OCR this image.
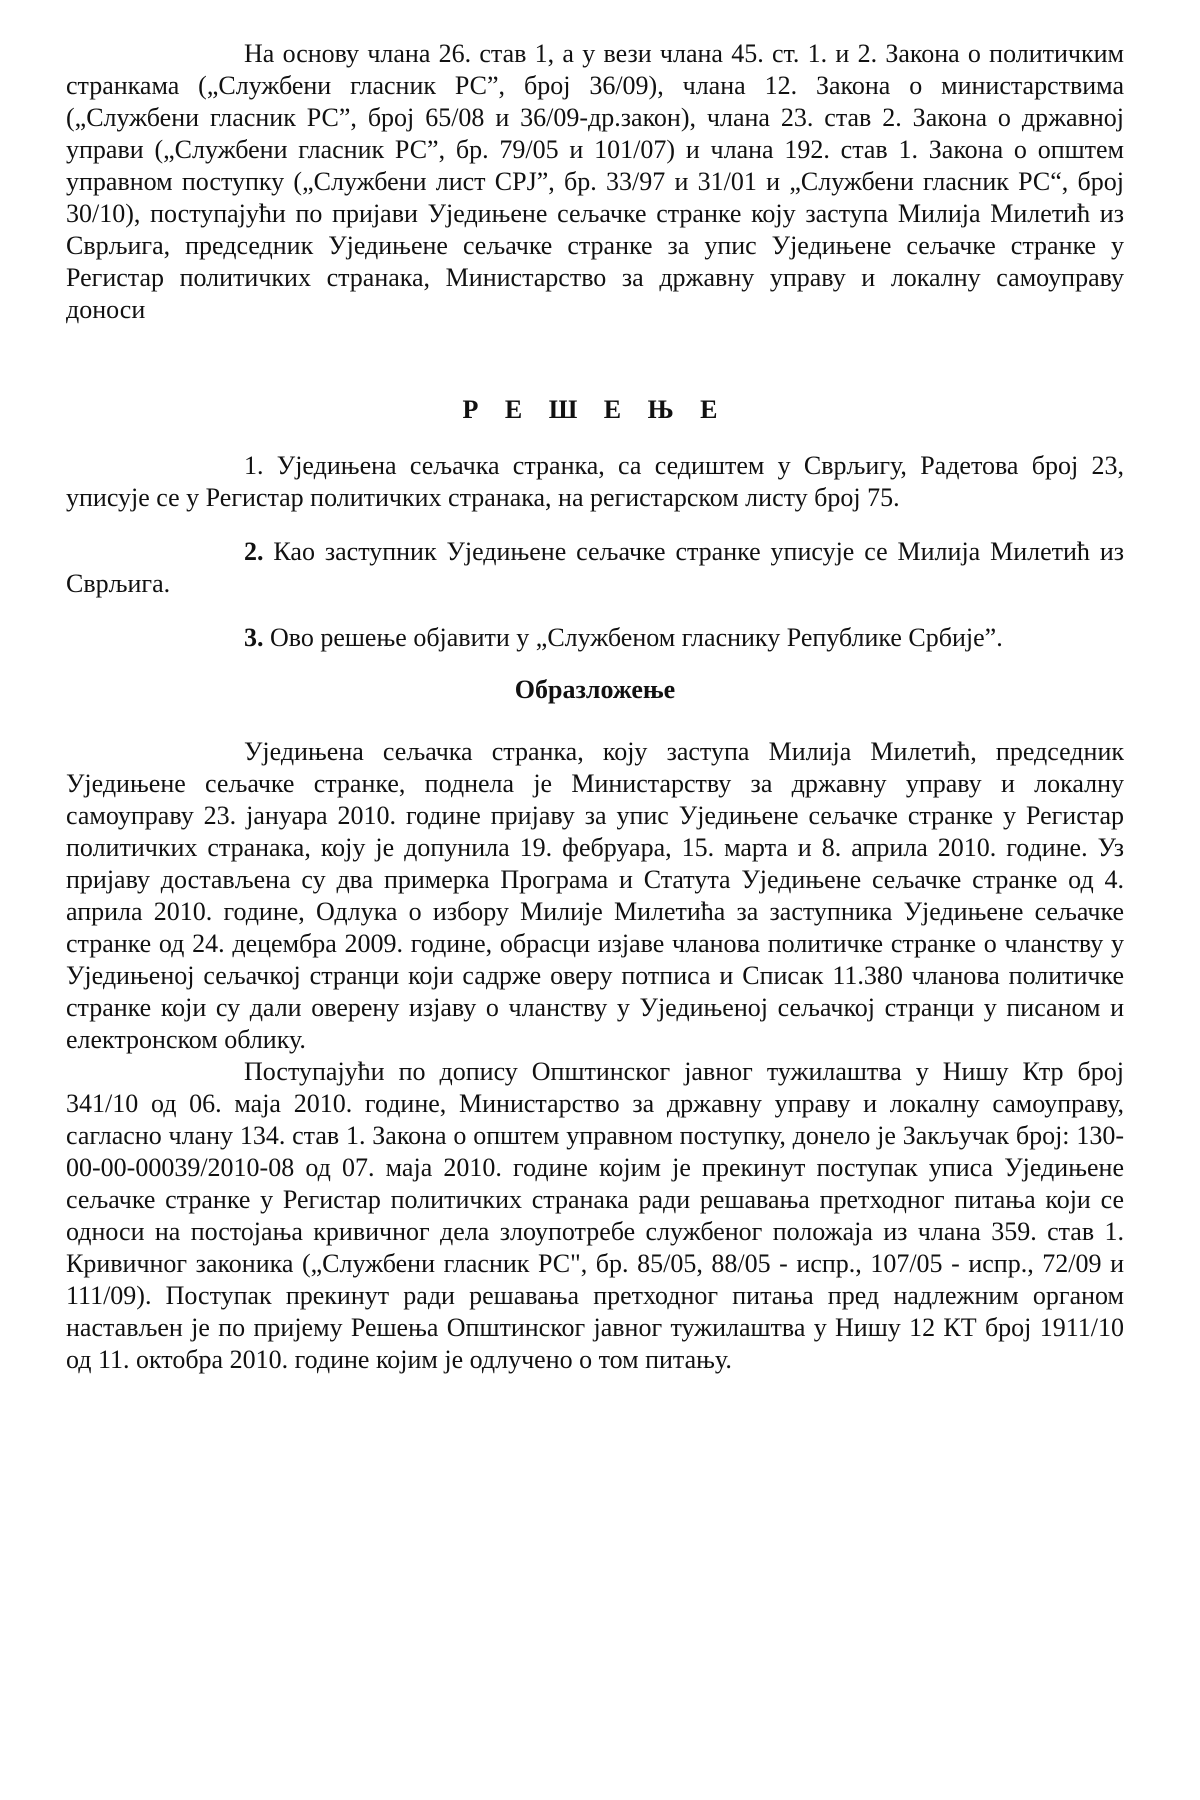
На основу члана 26. став 1, а у вези члана 45. ст. 1. и 2. Закона о политичким странкама („Службени гласник РС”, број 36/09), члана 12. Закона о министарствима („Службени гласник РС”, број 65/08 и 36/09-др.закон), члана 23. став 2. Закона о државној управи („Службени гласник РС”, бр. 79/05 и 101/07) и члана 192. став 1. Закона о општем управном поступку („Службени лист СРЈ”, бр. 33/97 и 31/01 и „Службени гласник РС“, број 30/10), поступајући по пријави Уједињене сељачке странке коју заступа Милија Милетић из Сврљига, председник Уједињене сељачке странке за упис Уједињене сељачке странке у Регистар политичких странака, Министарство за државну управу и локалну самоуправу доноси

Р Е Ш Е Њ Е

1. Уједињена сељачка странка, са седиштем у Сврљигу, Радетова број 23, уписује се у Регистар политичких странака, на регистарском листу број 75.

2. Као заступник Уједињене сељачке странке уписује се Милија Милетић из Сврљига.

3. Ово решење објавити у „Службеном гласнику Републике Србије”.

Образложење

Уједињена сељачка странка, коју заступа Милија Милетић, председник Уједињене сељачке странке, поднела је Министарству за државну управу и локалну самоуправу 23. јануара 2010. године пријаву за упис Уједињене сељачке странке у Регистар политичких странака, коју је допунила 19. фебруара, 15. марта и 8. априла 2010. године. Уз пријаву достављена су два примерка Програма и Статута Уједињене сељачке странке од 4. априла 2010. године, Одлука о избору Милије Милетића за заступника Уједињене сељачке странке од 24. децембра 2009. године, обрасци изјаве чланова политичке странке о чланству у Уједињеној сељачкој странци који садрже оверу потписа и Списак 11.380 чланова политичке странке који су дали оверену изјаву о чланству у Уједињеној сељачкој странци у писаном и електронском облику.

Поступајући по допису Општинског јавног тужилаштва у Нишу Ктр број 341/10 од 06. маја 2010. године, Министарство за државну управу и локалну самоуправу, сагласно члану 134. став 1. Закона о општем управном поступку, донело је Закључак број: 130-00-00-00039/2010-08 од 07. маја 2010. године којим је прекинут поступак уписа Уједињене сељачке странке у Регистар политичких странака ради решавања претходног питања који се односи на постојања кривичног дела злоупотребе службеног положаја из члана 359. став 1. Кривичног законика („Службени гласник РС", бр. 85/05, 88/05 - испр., 107/05 - испр., 72/09 и 111/09). Поступак прекинут ради решавања претходног питања пред надлежним органом настављен је по пријему Решења Општинског јавног тужилаштва у Нишу 12 КТ број 1911/10 од 11. октобра 2010. године којим је одлучено о том питању.
